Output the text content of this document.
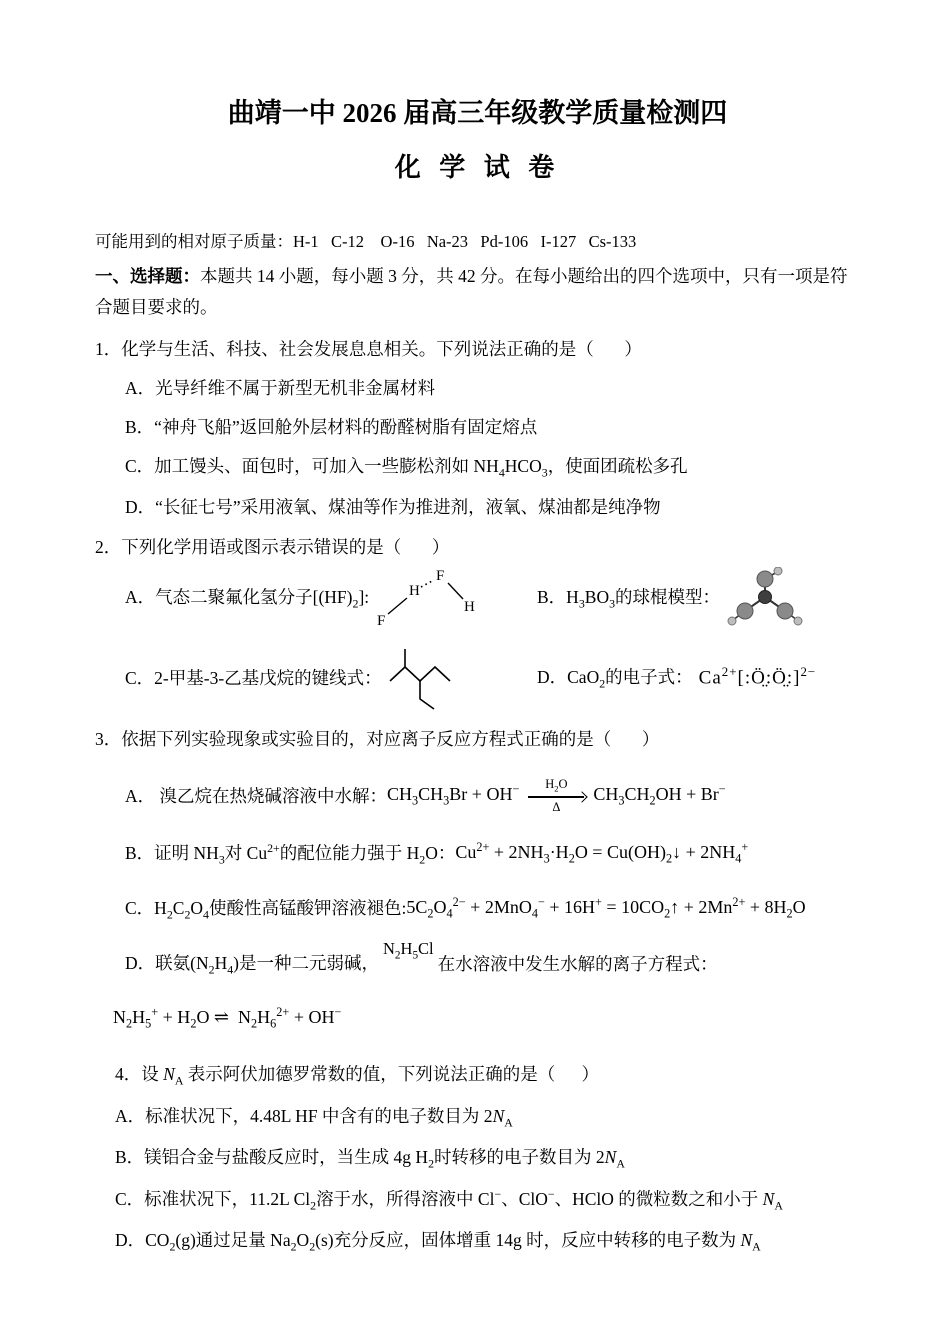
曲靖一中 2026 届高三年级教学质量检测四
化 学 试 卷

可能用到的相对原子质量：H-1   C-12    O-16   Na-23   Pd-106   I-127   Cs-133

一、选择题：本题共 14 小题，每小题 3 分，共 42 分。在每小题给出的四个选项中，只有一项是符合题目要求的。

1．化学与生活、科技、社会发展息息相关。下列说法正确的是（       ）

A．光导纤维不属于新型无机非金属材料

B．“神舟飞船”返回舱外层材料的酚醛树脂有固定熔点

C．加工馒头、面包时，可加入一些膨松剂如 $NH_4HCO_3$，使面团疏松多孔

D．“长征七号”采用液氧、煤油等作为推进剂，液氧、煤油都是纯净物

2．下列化学用语或图示表示错误的是（       ）

A．气态二聚氟化氢分子$[(HF)_2]$:
F
H
F
H
B．$H_3BO_3$的球棍模型：
C．2-甲基-3-乙基戊烷的键线式：	D．CaO$_2$的电子式： $Ca^{2+}[:Ö̤:Ö̤:]^{2-}$

3．依据下列实验现象或实验目的，对应离子反应方程式正确的是（       ）

A． 溴乙烷在热烧碱溶液中水解： $CH_3CH_3Br + OH^-$ $H_2O$
Δ
$CH_3CH_2OH + Br^-$
B．证明 $NH_3$对 $Cu^{2+}$的配位能力强于 $H_2O$： $Cu^{2+} + 2NH_3\cdot H_2O$ = $Cu(OH)_2↓ + 2NH_4^+$
C．$H_2C_2O_4$使酸性高锰酸钾溶液褪色: $5C_2O_4^{2-} + 2MnO_4^- + 16H^+$ = $10CO_2↑ + 2Mn^{2+} + 8H_2O$
D．联氨$(N_2H_4)$是一种二元弱碱，
$N_2H_5Cl$
在水溶液中发生水解的离子方程式：

$N_2H_5^+ + H_2O$ ⇌  $N_2H_6^{2+} + OH^-$

4．设 $N_A$ 表示阿伏加德罗常数的值，下列说法正确的是（      ）

A．标准状况下，4.48L HF 中含有的电子数目为 $2N_A$

B．镁铝合金与盐酸反应时，当生成 4g $H_2$时转移的电子数目为 $2N_A$

C．标准状况下，11.2L $Cl_2$溶于水，所得溶液中 Cl−、ClO−、HClO 的微粒数之和小于 $N_A$

D．$CO_2(g)$通过足量 $Na_2O_2(s)$充分反应，固体增重 14g 时，反应中转移的电子数为 $N_A$
